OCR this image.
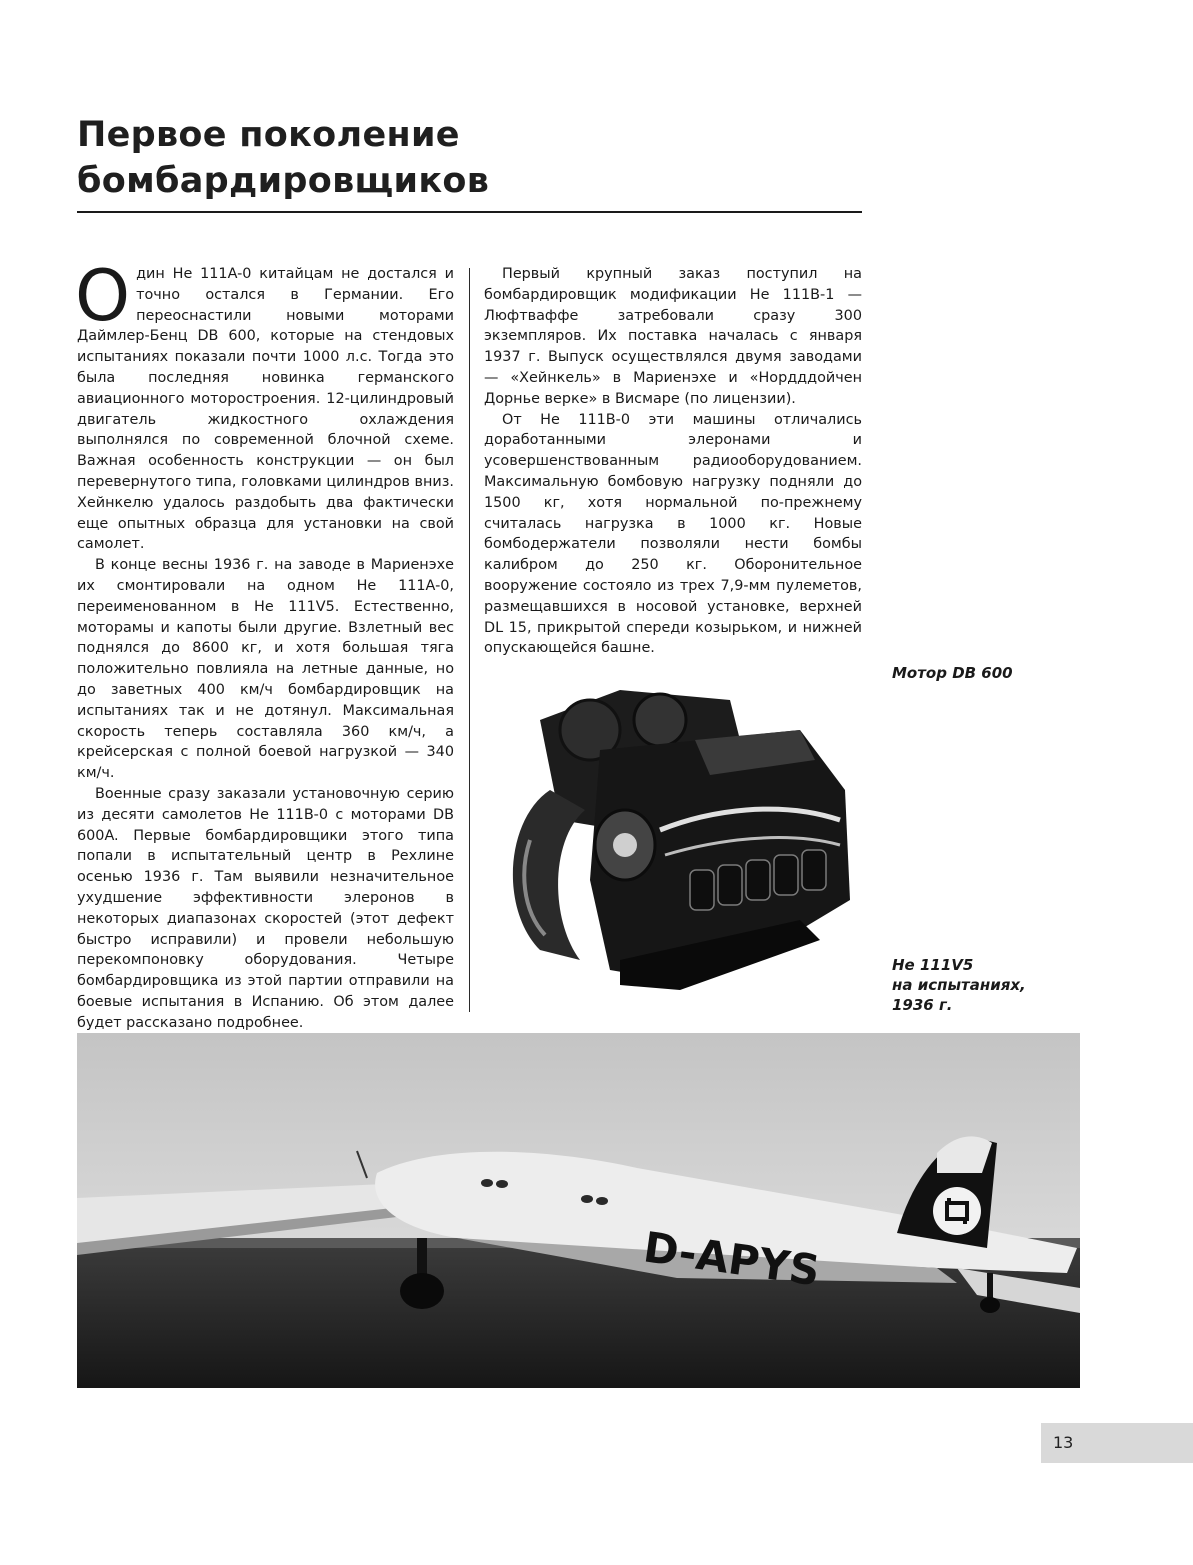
Первое поколение
бомбардировщиков

Один He 111A-0 китайцам не достался и точно остался в Германии. Его переоснастили новыми моторами Даймлер-Бенц DB 600, которые на стендовых испытаниях показали почти 1000 л.с. Тогда это была последняя новинка германского авиационного моторостроения. 12-цилиндровый двигатель жидкостного охлаждения выполнялся по современной блочной схеме. Важная особенность конструкции — он был перевернутого типа, головками цилиндров вниз. Хейнкелю удалось раздобыть два фактически еще опытных образца для установки на свой самолет.

В конце весны 1936 г. на заводе в Мариенэхе их смонтировали на одном He 111A-0, переименованном в He 111V5. Естественно, моторамы и капоты были другие. Взлетный вес поднялся до 8600 кг, и хотя большая тяга положительно повлияла на летные данные, но до заветных 400 км/ч бомбардировщик на испытаниях так и не дотянул. Максимальная скорость теперь составляла 360 км/ч, а крейсерская с полной боевой нагрузкой — 340 км/ч.

Военные сразу заказали установочную серию из десяти самолетов He 111B-0 с моторами DB 600A. Первые бомбардировщики этого типа попали в испытательный центр в Рехлине осенью 1936 г. Там выявили незначительное ухудшение эффективности элеронов в некоторых диапазонах скоростей (этот дефект быстро исправили) и провели небольшую перекомпоновку оборудования. Четыре бомбардировщика из этой партии отправили на боевые испытания в Испанию. Об этом далее будет рассказано подробнее.

Первый крупный заказ поступил на бомбардировщик модификации He 111B-1 — Люфтваффе затребовали сразу 300 экземпляров. Их поставка началась с января 1937 г. Выпуск осуществлялся двумя заводами — «Хейнкель» в Мариенэхе и «Нордддойчен Дорнье верке» в Висмаре (по лицензии).

От He 111B-0 эти машины отличались доработанными элеронами и усовершенствованным радиооборудованием. Максимальную бомбовую нагрузку подняли до 1500 кг, хотя нормальной по-прежнему считалась нагрузка в 1000 кг. Новые бомбодержатели позволяли нести бомбы калибром до 250 кг. Оборонительное вооружение состояло из трех 7,9-мм пулеметов, размещавшихся в носовой установке, верхней DL 15, прикрытой спереди козырьком, и нижней опускающейся башне.

Мотор DB 600
He 111V5
на испытаниях,
1936 г.
D-APYS
13
